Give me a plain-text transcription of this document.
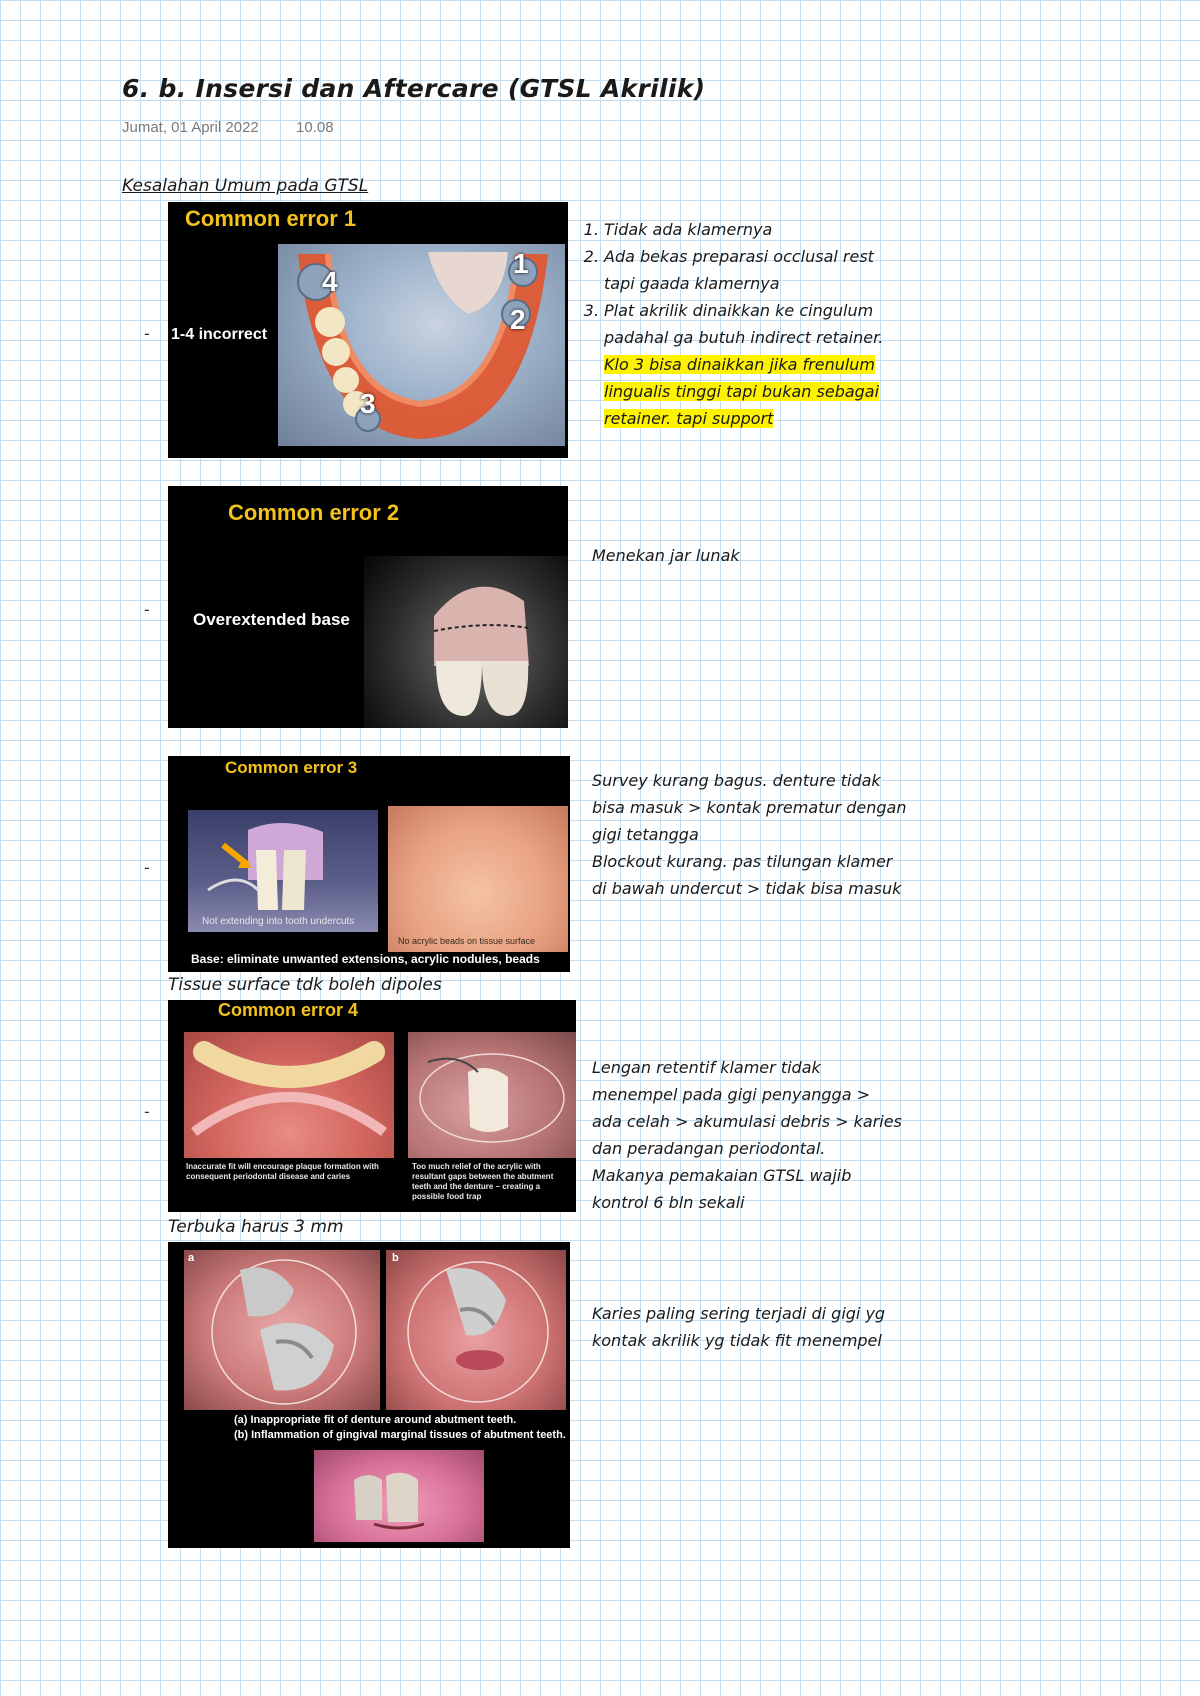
6. b. Insersi dan Aftercare (GTSL Akrilik)
Jumat, 01 April 2022 10.08
Kesalahan Umum pada GTSL
-
Common error 1
1-4 incorrect
4
1
2
3
1. Tidak ada klamernya
2. Ada bekas preparasi occlusal rest tapi gaada klamernya
3. Plat akrilik dinaikkan ke cingulum padahal ga butuh indirect retainer.
Klo 3 bisa dinaikkan jika frenulum lingualis tinggi tapi bukan sebagai retainer. tapi support
-
Common error 2
Overextended base
Menekan jar lunak
-
Common error 3
Not extending into tooth undercuts
No acrylic beads on tissue surface
Base: eliminate unwanted extensions, acrylic nodules, beads
Survey kurang bagus. denture tidak bisa masuk > kontak prematur dengan gigi tetangga
Blockout kurang. pas tilungan klamer di bawah undercut > tidak bisa masuk
Tissue surface tdk boleh dipoles
-
Common error 4
Inaccurate fit will encourage plaque formation with consequent periodontal disease and caries
Too much relief of the acrylic with resultant gaps between the abutment teeth and the denture – creating a possible food trap
Lengan retentif klamer tidak menempel pada gigi penyangga > ada celah > akumulasi debris > karies dan peradangan periodontal. Makanya pemakaian GTSL wajib kontrol 6 bln sekali
Terbuka harus 3 mm
a	b
(a) Inappropriate fit of denture around abutment teeth.
(b) Inflammation of gingival marginal tissues of abutment teeth.
Karies paling sering terjadi di gigi yg kontak akrilik yg tidak fit menempel
